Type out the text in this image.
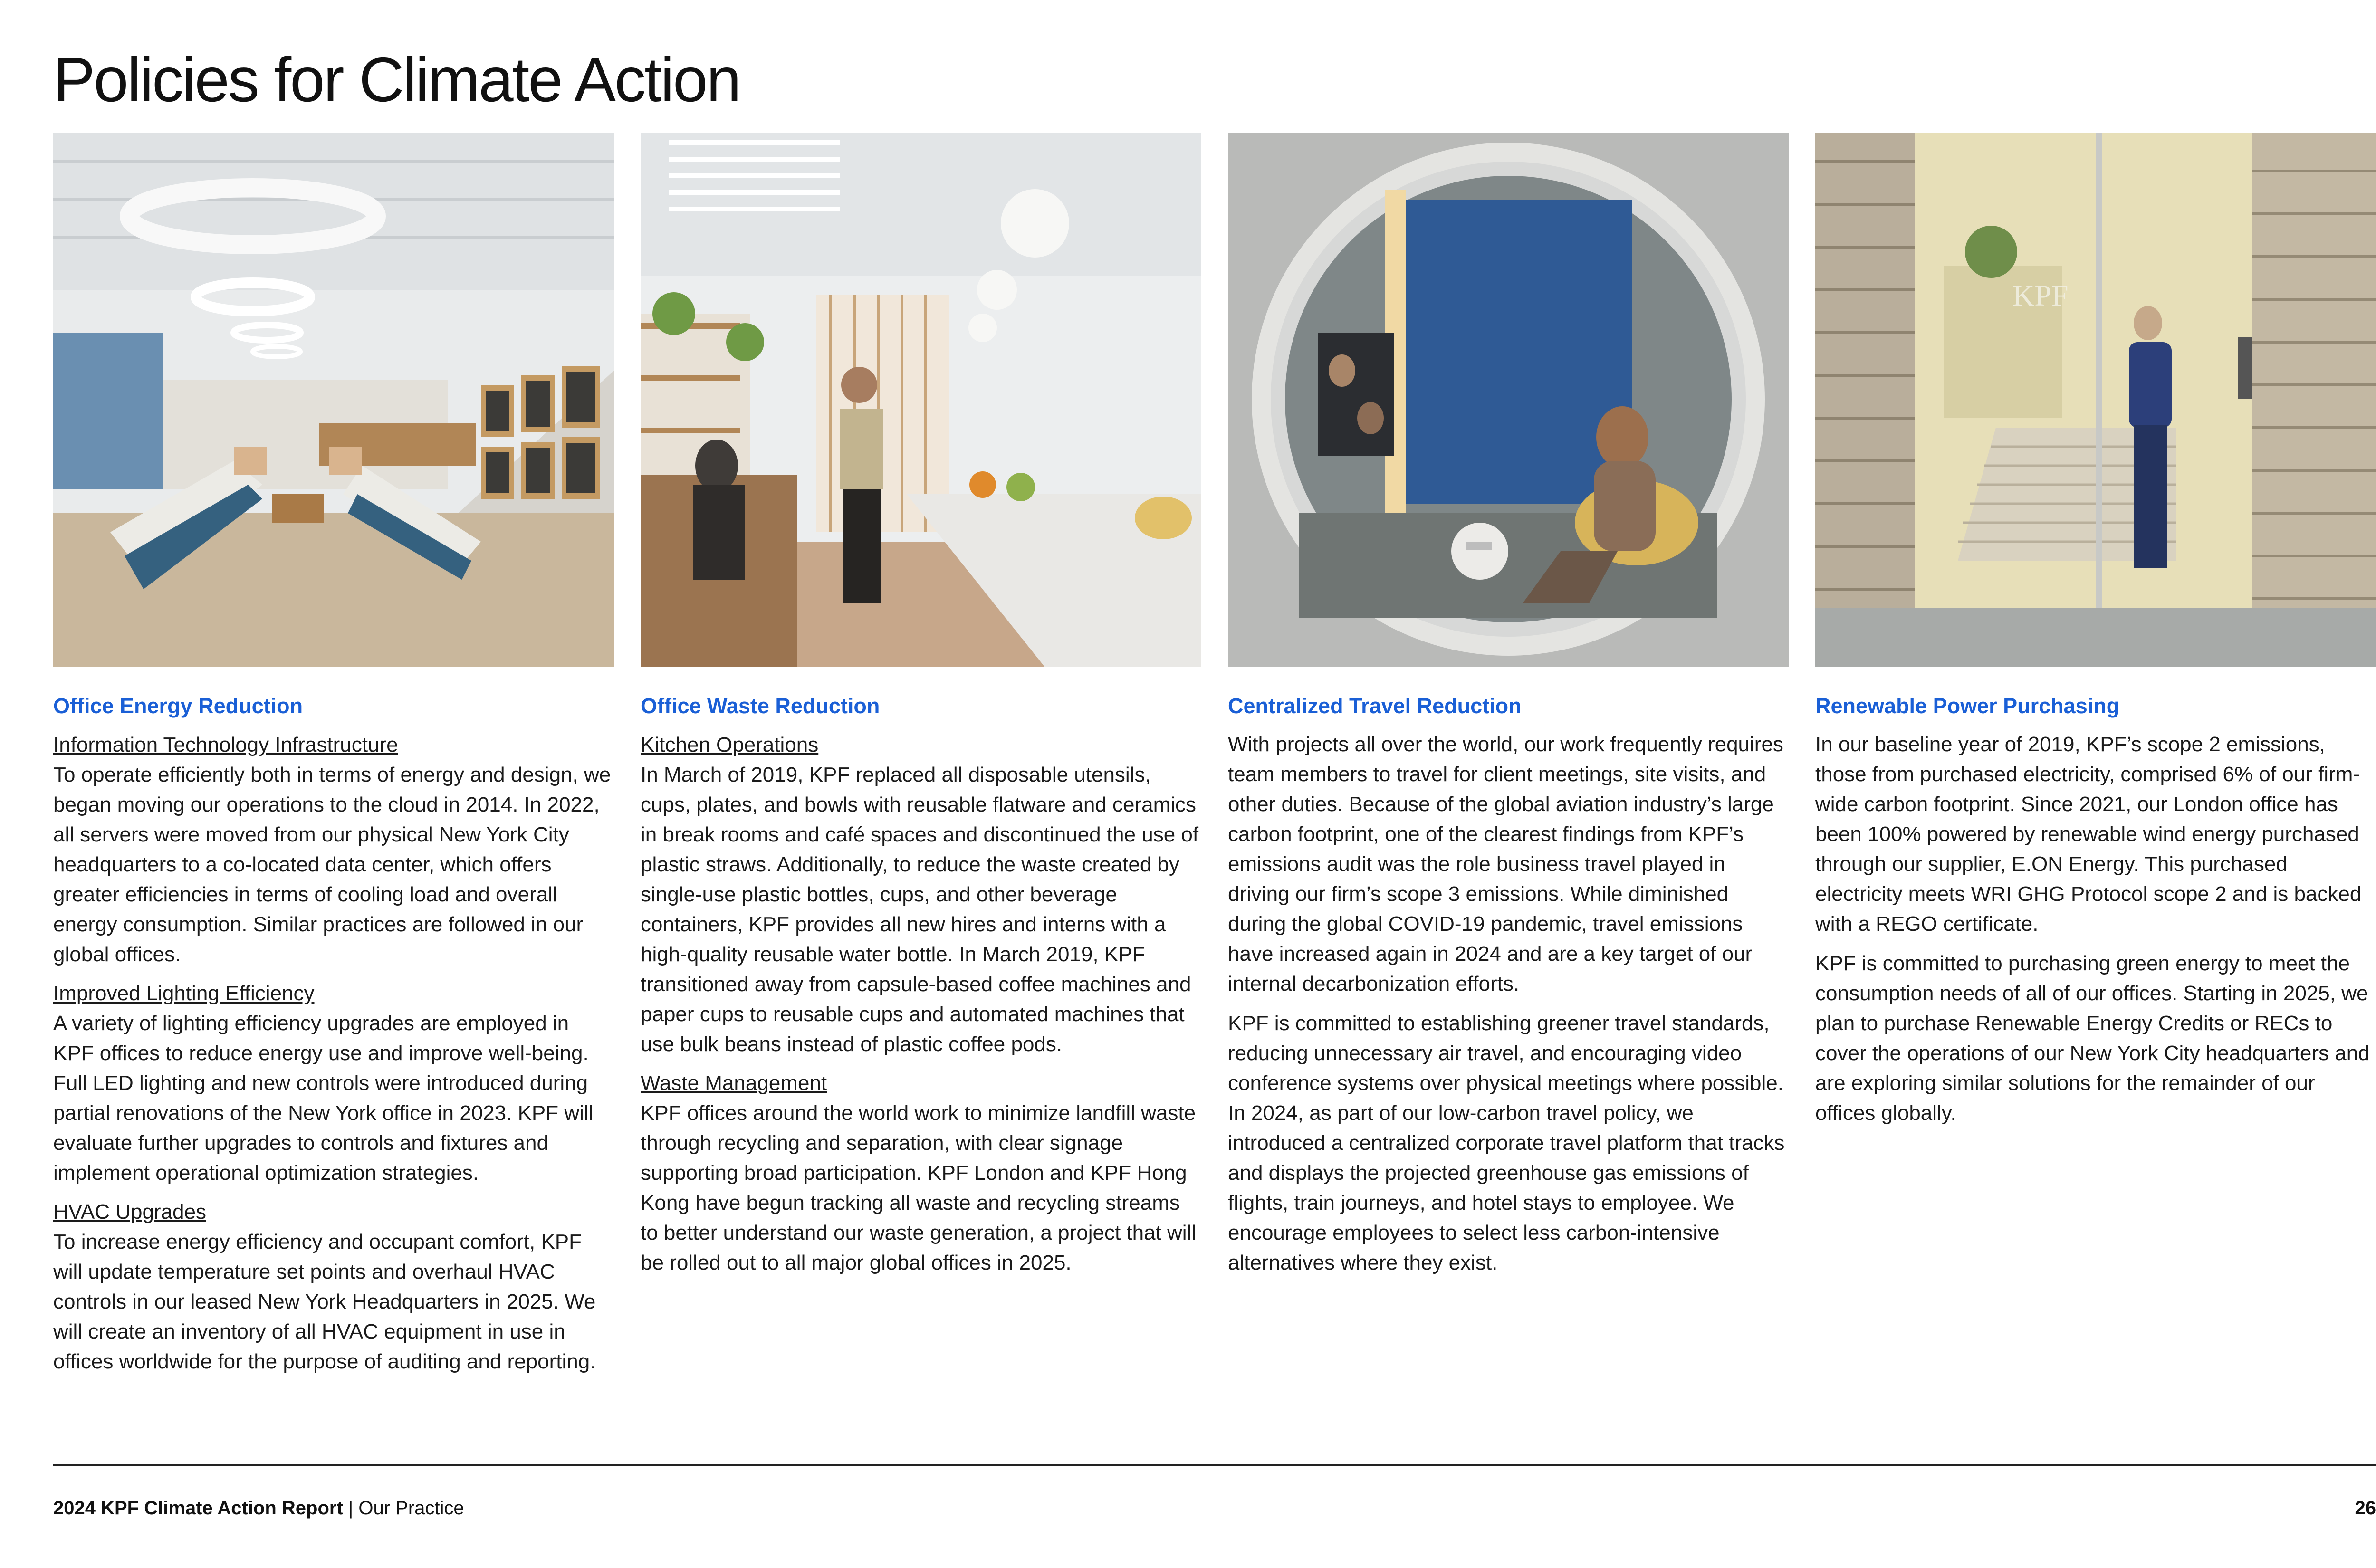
Policies for Climate Action
Office Energy Reduction
Information Technology Infrastructure
To operate efficiently both in terms of energy and design, we began moving our operations to the cloud in 2014. In 2022, all servers were moved from our physical New York City headquarters to a co-located data center, which offers greater efficiencies in terms of cooling load and overall energy consumption. Similar practices are followed in our global offices.
Improved Lighting Efficiency
A variety of lighting efficiency upgrades are employed in KPF offices to reduce energy use and improve well-being. Full LED lighting and new controls were introduced during partial renovations of the New York office in 2023. KPF will evaluate further upgrades to controls and fixtures and implement operational optimization strategies.
HVAC Upgrades
To increase energy efficiency and occupant comfort, KPF will update temperature set points and overhaul HVAC controls in our leased New York Headquarters in 2025. We will create an inventory of all HVAC equipment in use in offices worldwide for the purpose of auditing and reporting.
Office Waste Reduction
Kitchen Operations
In March of 2019, KPF replaced all disposable utensils, cups, plates, and bowls with reusable flatware and ceramics in break rooms and café spaces and discontinued the use of plastic straws. Additionally, to reduce the waste created by single-use plastic bottles, cups, and other beverage containers, KPF provides all new hires and interns with a high-quality reusable water bottle. In March 2019, KPF transitioned away from capsule-based coffee machines and paper cups to reusable cups and automated machines that use bulk beans instead of plastic coffee pods.
Waste Management
KPF offices around the world work to minimize landfill waste through recycling and separation, with clear signage supporting broad participation. KPF London and KPF Hong Kong have begun tracking all waste and recycling streams to better understand our waste generation, a project that will be rolled out to all major global offices in 2025.
Centralized Travel Reduction
With projects all over the world, our work frequently requires team members to travel for client meetings, site visits, and other duties. Because of the global aviation industry’s large carbon footprint, one of the clearest findings from KPF’s emissions audit was the role business travel played in driving our firm’s scope 3 emissions. While diminished during the global COVID-19 pandemic, travel emissions have increased again in 2024 and are a key target of our internal decarbonization efforts.
KPF is committed to establishing greener travel standards, reducing unnecessary air travel, and encouraging video conference systems over physical meetings where possible. In 2024, as part of our low-carbon travel policy, we introduced a centralized corporate travel platform that tracks and displays the projected greenhouse gas emissions of flights, train journeys, and hotel stays to employee. We encourage employees to select less carbon-intensive alternatives where they exist.
KPF
Renewable Power Purchasing
In our baseline year of 2019, KPF’s scope 2 emissions, those from purchased electricity, comprised 6% of our firm-wide carbon footprint. Since 2021, our London office has been 100% powered by renewable wind energy purchased through our supplier, E.ON Energy. This purchased electricity meets WRI GHG Protocol scope 2 and is backed with a REGO certificate.
KPF is committed to purchasing green energy to meet the consumption needs of all of our offices. Starting in 2025, we plan to purchase Renewable Energy Credits or RECs to cover the operations of our New York City headquarters and are exploring similar solutions for the remainder of our offices globally.
2024 KPF Climate Action Report | Our Practice	26
